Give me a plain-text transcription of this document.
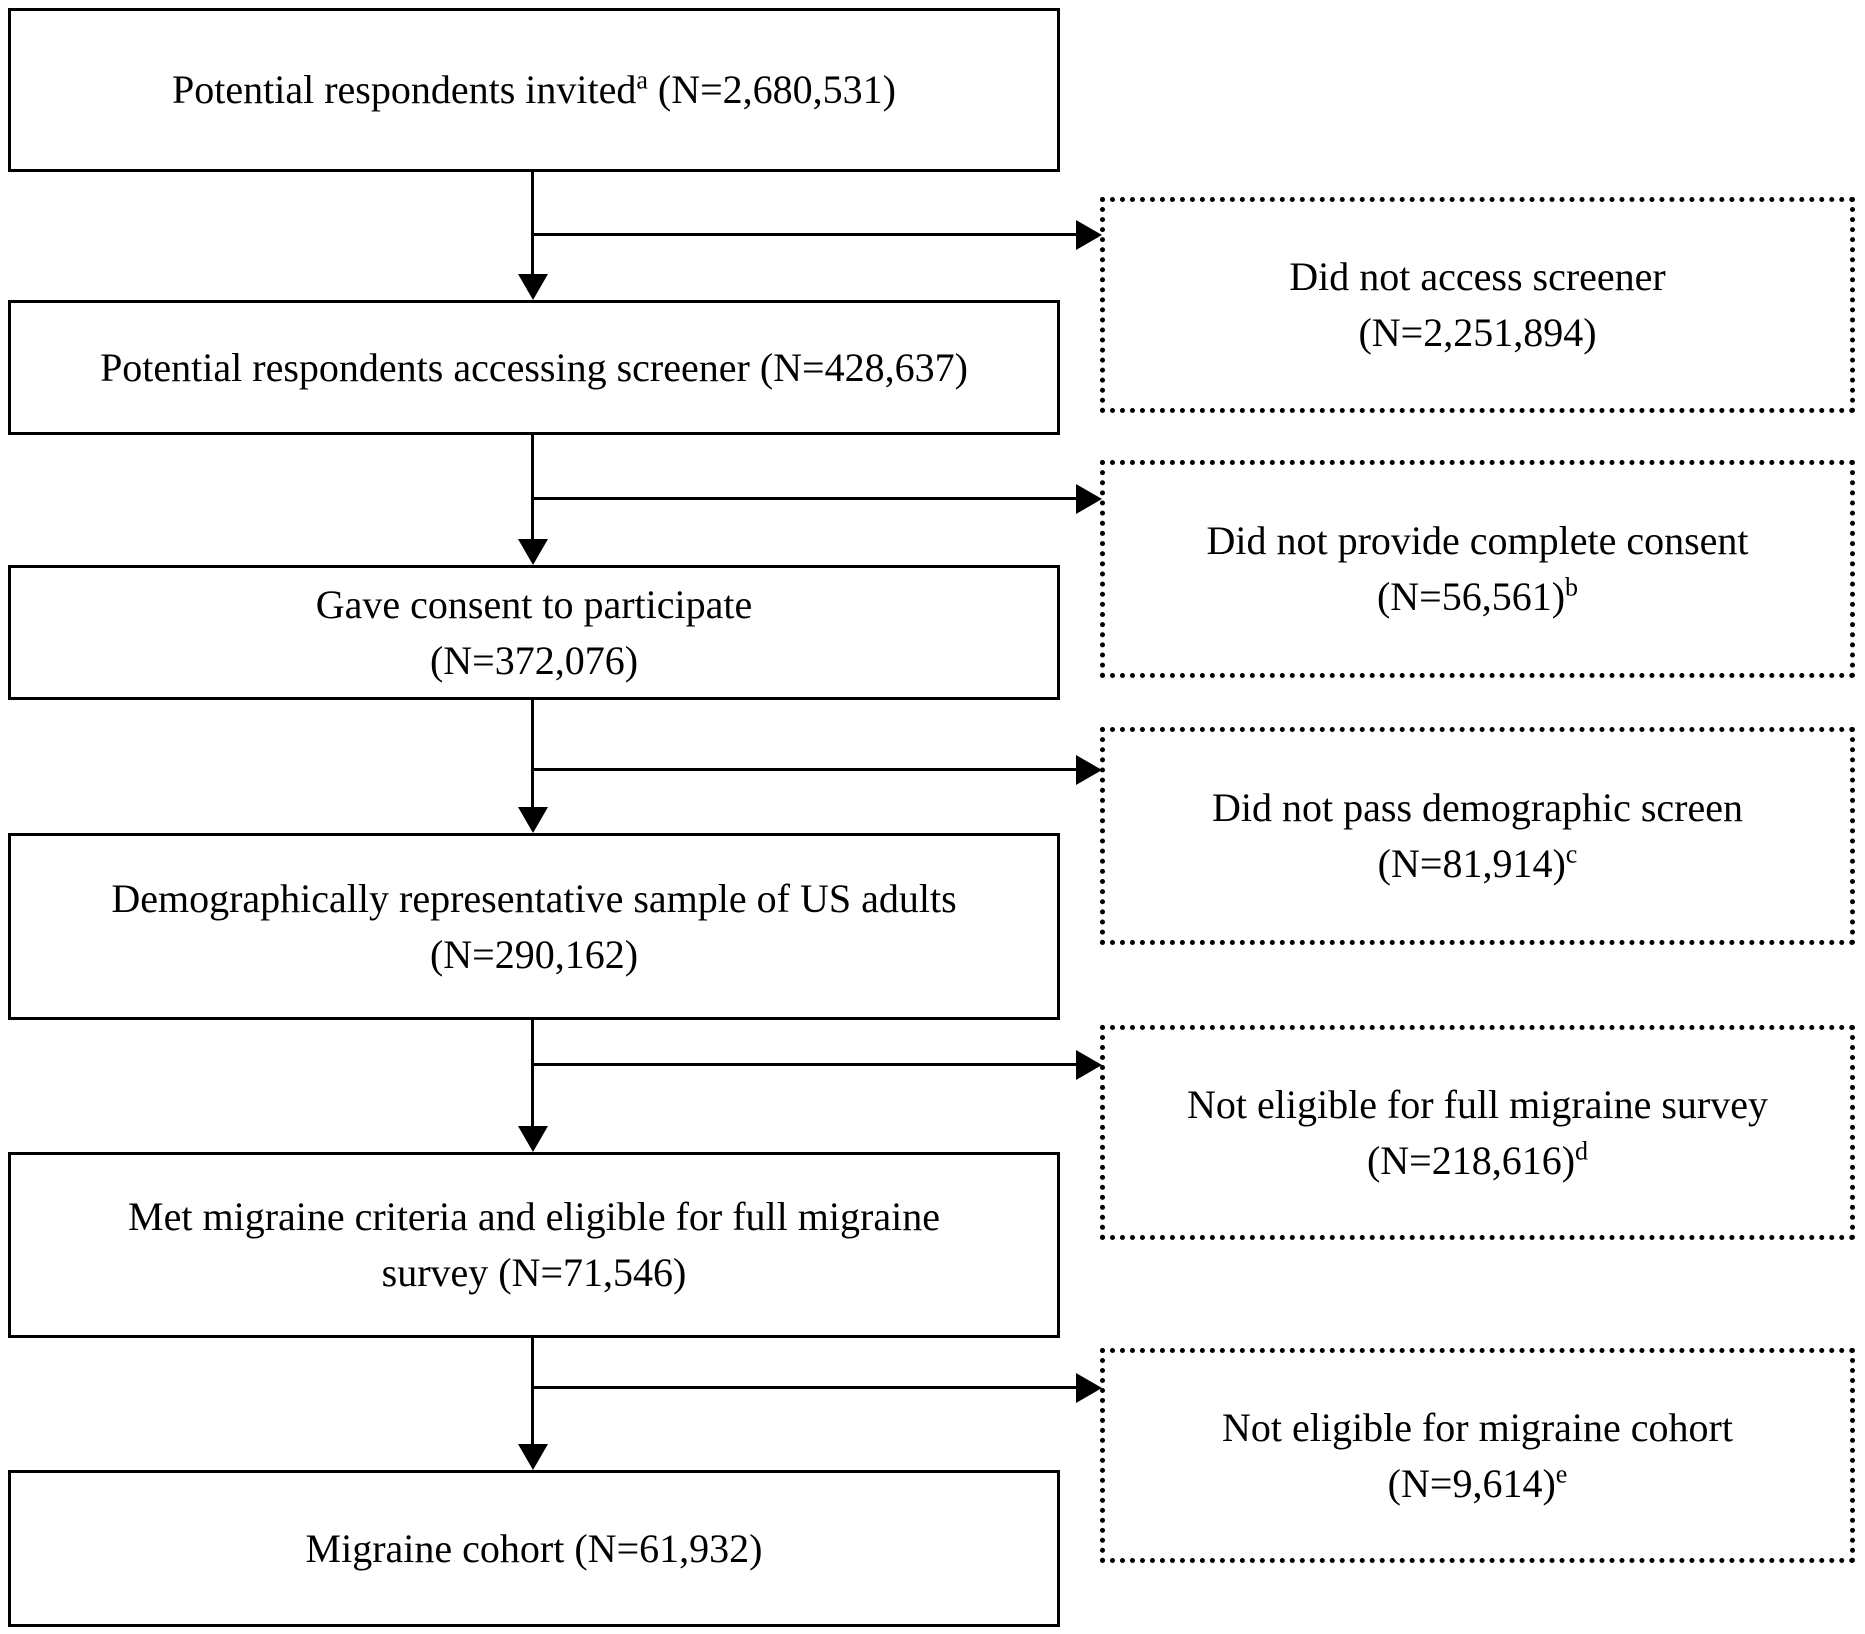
Potential respondents invited$^a$ (N=2,680,531)
Potential respondents accessing screener (N=428,637)
Gave consent to participate
(N=372,076)
Demographically representative sample of US adults
(N=290,162)
Met migraine criteria and eligible for full migraine
survey (N=71,546)
Migraine cohort (N=61,932)
Did not access screener
(N=2,251,894)
Did not provide complete consent
(N=56,561)$^b$
Did not pass demographic screen
(N=81,914)$^c$
Not eligible for full migraine survey
(N=218,616)$^d$
Not eligible for migraine cohort
(N=9,614)$^e$
